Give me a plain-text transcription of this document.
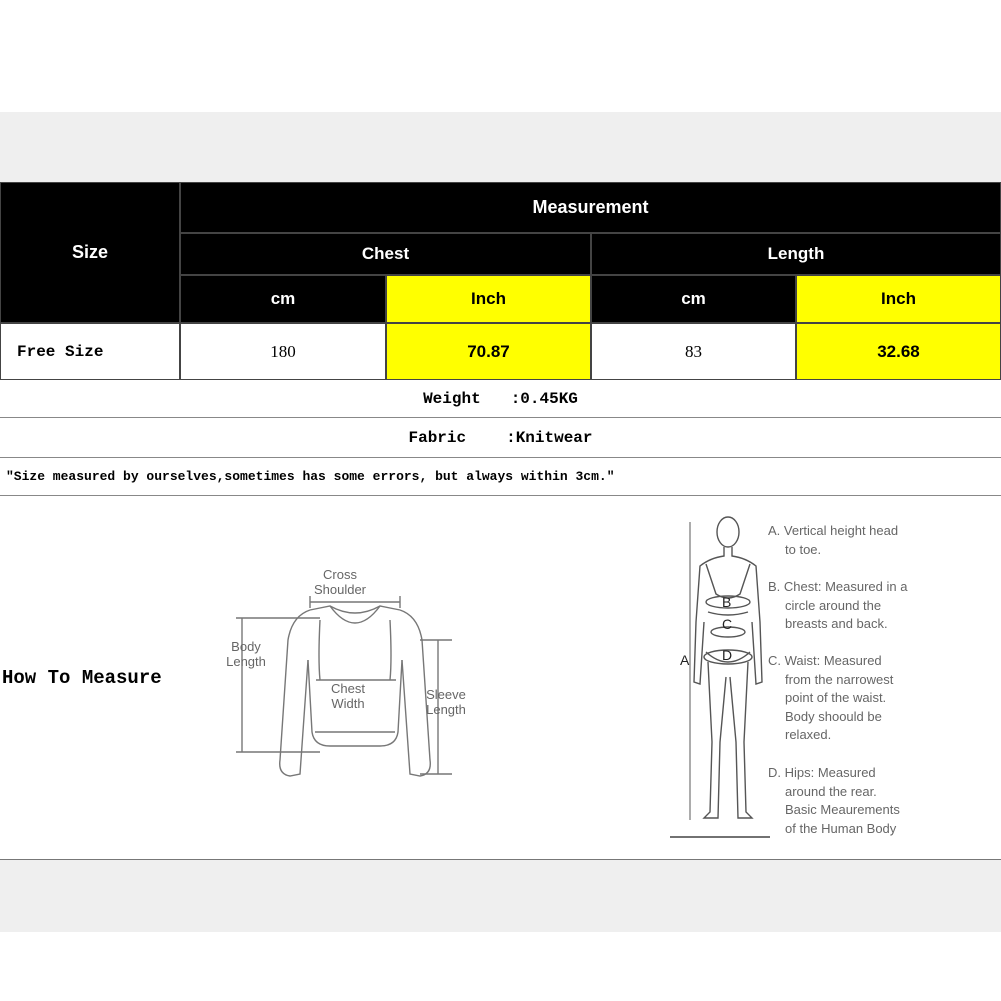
Size
Measurement
Chest	Length
cm	Inch	cm	Inch
Free Size	180	70.87	83	32.68
Weight :0.45KG
Fabric	:Knitwear
"Size measured by ourselves,sometimes has some errors, but always within 3cm."
How To Measure
Cross
Shoulder
Body
Length
Chest
Width
Sleeve
Length
B
C
D
A
A. Vertical height head
to toe.
B. Chest: Measured in a
circle around the
breasts and back.
C. Waist: Measured
from the narrowest
point of the waist.
Body shoould be
relaxed.
D. Hips: Measured
around the rear.
Basic Meaurements
of the Human Body
